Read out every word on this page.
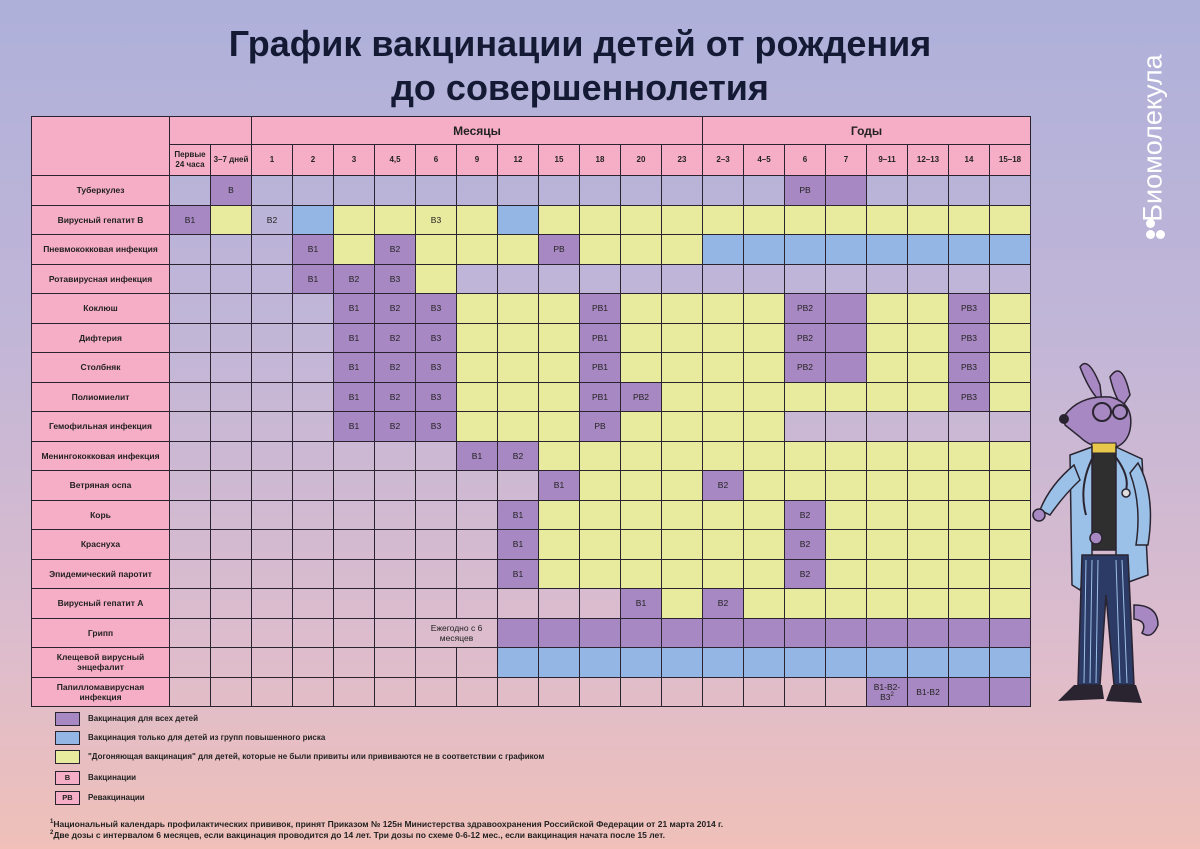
График вакцинации детей от рождения
до совершеннолетия	Биомолекула
			Месяцы											Годы							
	Первые 24 часа	3–7 дней	1	2	3	4,5	6	9	12	15	18	20	23	2–3	4–5	6	7	9–11	12–13	14	15–18
Туберкулез		В														РВ					
Вирусный гепатит В	В1		В2				В3														
Пневмококковая инфекция				В1		В2				РВ											
Ротавирусная инфекция				В1	В2	В3															
Коклюш					В1	В2	В3				РВ1					РВ2				РВ3	
Дифтерия					В1	В2	В3				РВ1					РВ2				РВ3	
Столбняк					В1	В2	В3				РВ1					РВ2				РВ3	
Полиомиелит					В1	В2	В3				РВ1	РВ2								РВ3	
Гемофильная инфекция					В1	В2	В3				РВ										
Менингококковая инфекция								В1	В2												
Ветряная оспа										В1				В2							
Корь									В1							В2					
Краснуха									В1							В2					
Эпидемический паротит									В1							В2					
Вирусный гепатит А												В1		В2							
Грипп							Ежегодно с 6 месяцев														
Клещевой вирусный энцефалит																					
Папилломавирусная инфекция																		$В1-В2-В3^2$	В1-В2		
Вакцинация для всех детей
Вакцинация только для детей из групп повышенного риска
"Догоняющая вакцинация" для детей, которые не были привиты или прививаются не в соответствии с графиком
В	Вакцинации
РВ	Ревакцинации
$^1$Национальный календарь профилактических прививок, принят Приказом № 125н Министерства здравоохранения Российской Федерации от 21 марта 2014 г.
$^2$Две дозы с интервалом 6 месяцев, если вакцинация проводится до 14 лет. Три дозы по схеме 0-6-12 мес., если вакцинация начата после 15 лет.
